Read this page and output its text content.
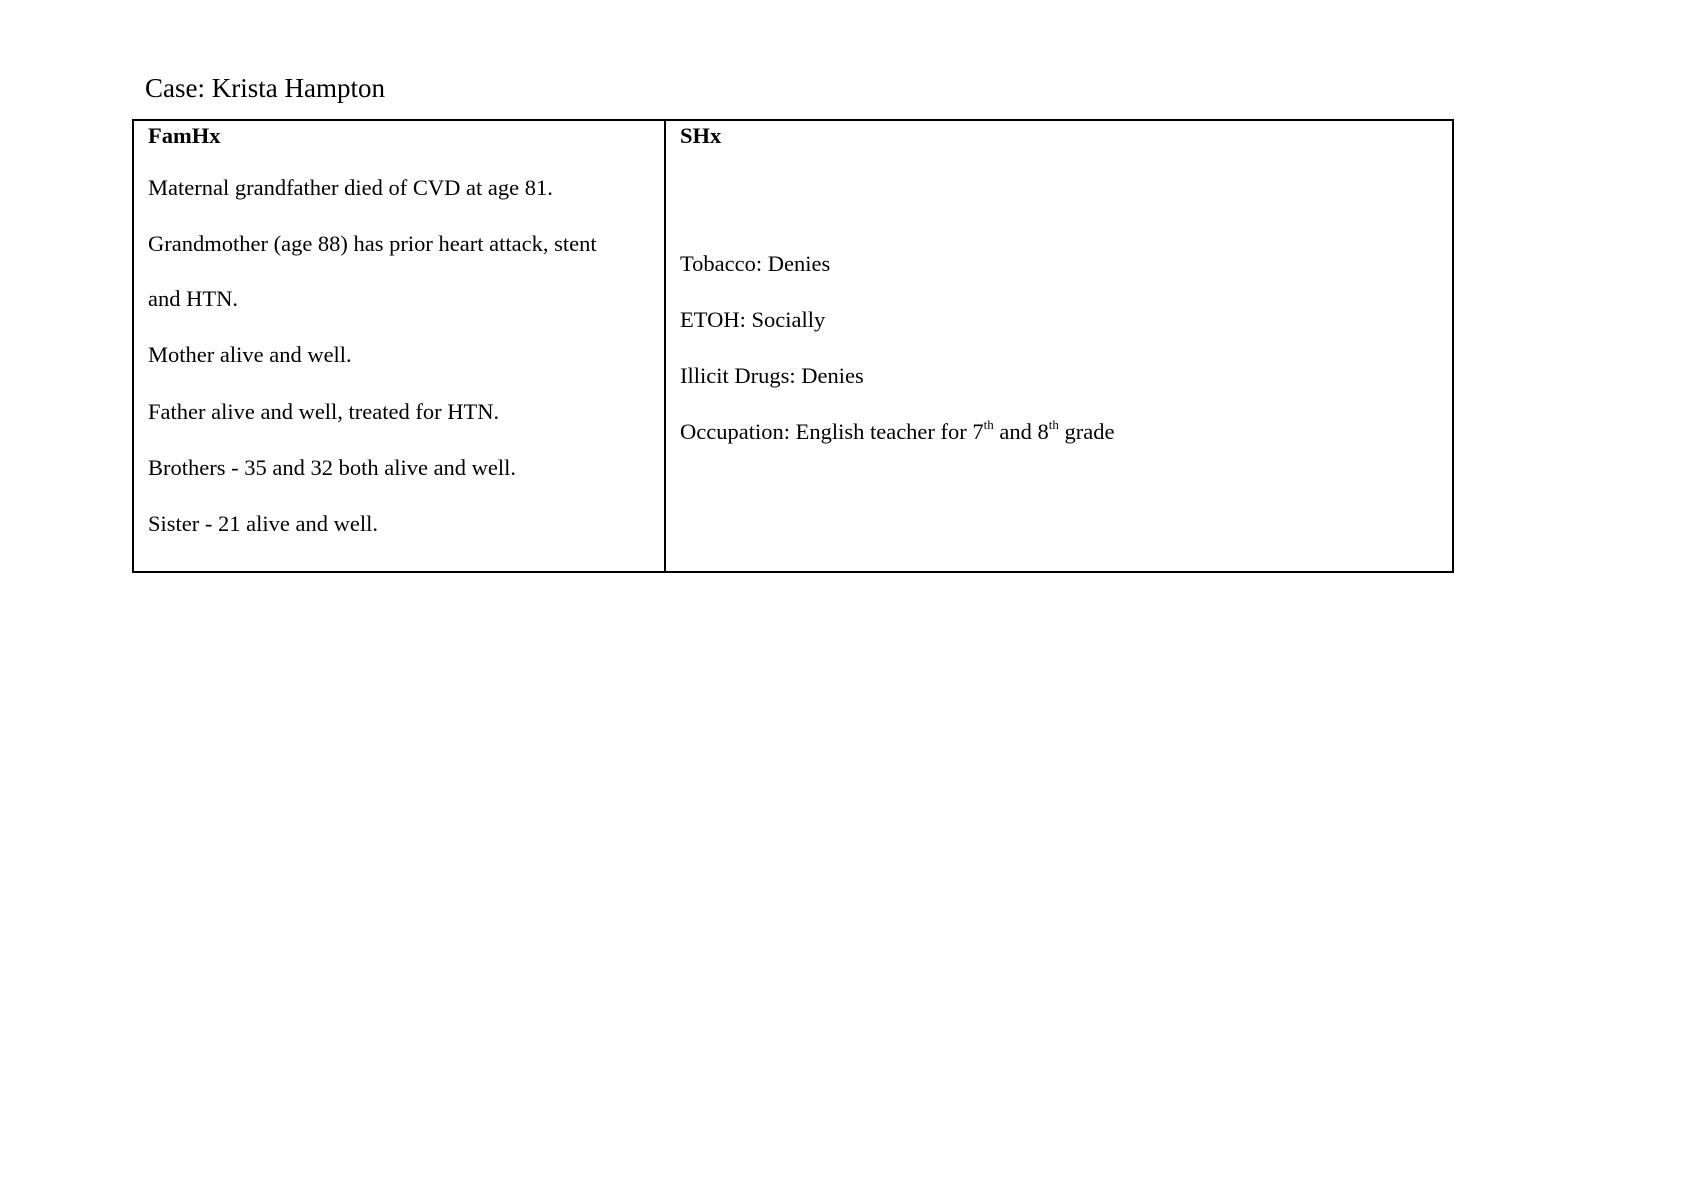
Case: Krista Hampton

FamHx

Maternal grandfather died of CVD at age 81.

Grandmother (age 88) has prior heart attack, stent

and HTN.

Mother alive and well.

Father alive and well, treated for HTN.

Brothers - 35 and 32 both alive and well.

Sister - 21 alive and well.

SHx

Tobacco: Denies

ETOH: Socially

Illicit Drugs: Denies

Occupation: English teacher for 7th and 8th grade
